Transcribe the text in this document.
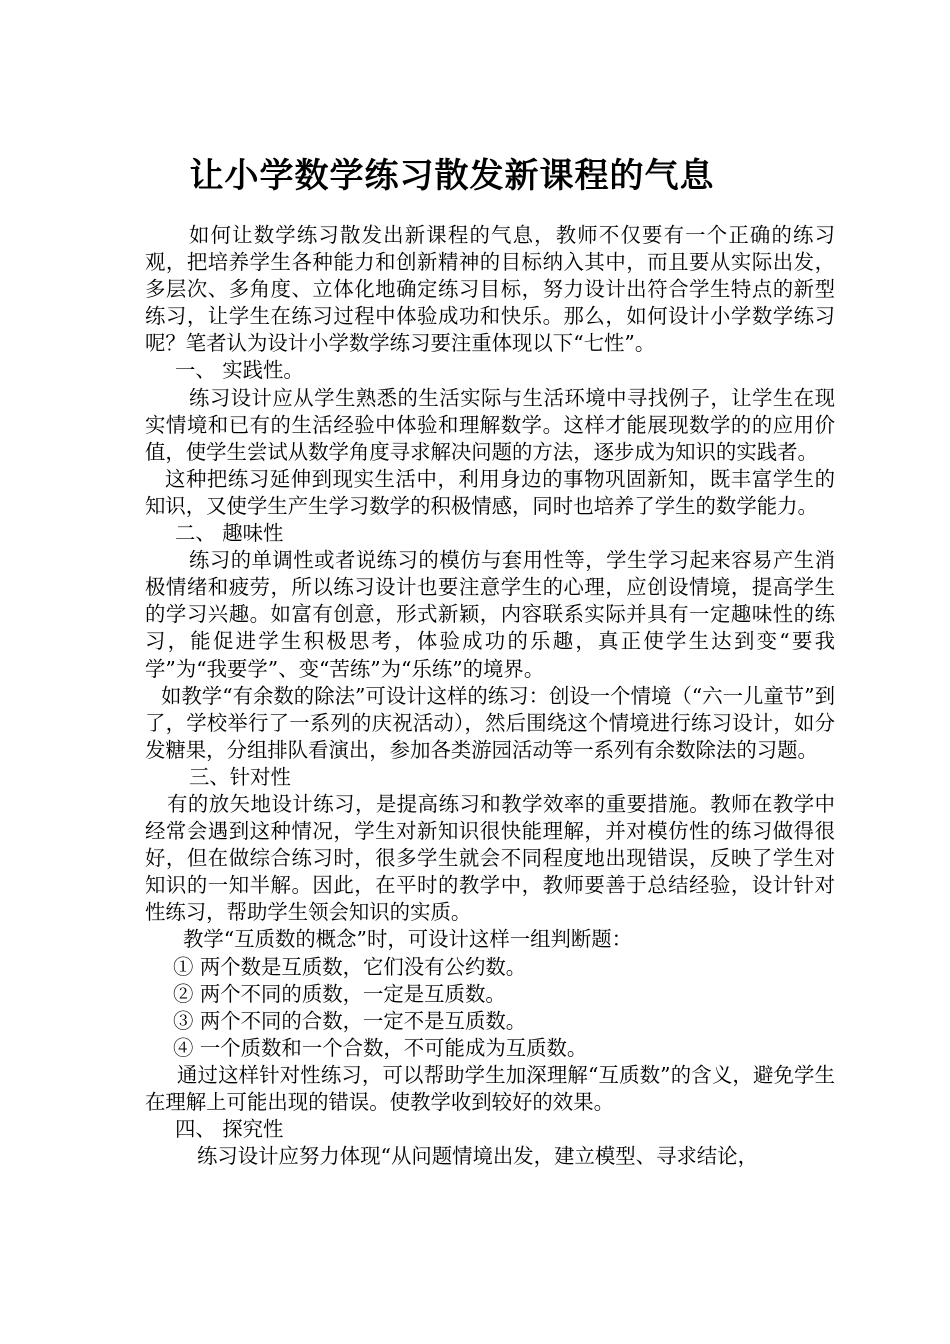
让小学数学练习散发新课程的气息

如何让数学练习散发出新课程的气息，教师不仅要有一个正确的练习观，把培养学生各种能力和创新精神的目标纳入其中，而且要从实际出发，多层次、多角度、立体化地确定练习目标，努力设计出符合学生特点的新型练习，让学生在练习过程中体验成功和快乐。那么，如何设计小学数学练习呢？笔者认为设计小学数学练习要注重体现以下“七性”。

一、 实践性。

练习设计应从学生熟悉的生活实际与生活环境中寻找例子，让学生在现实情境和已有的生活经验中体验和理解数学。这样才能展现数学的的应用价值，使学生尝试从数学角度寻求解决问题的方法，逐步成为知识的实践者。

这种把练习延伸到现实生活中，利用身边的事物巩固新知，既丰富学生的知识，又使学生产生学习数学的积极情感，同时也培养了学生的数学能力。

二、 趣味性

练习的单调性或者说练习的模仿与套用性等，学生学习起来容易产生消极情绪和疲劳，所以练习设计也要注意学生的心理，应创设情境，提高学生的学习兴趣。如富有创意，形式新颖，内容联系实际并具有一定趣味性的练习，能促进学生积极思考，体验成功的乐趣，真正使学生达到变“要我学”为“我要学”、变“苦练”为“乐练”的境界。

如教学“有余数的除法”可设计这样的练习：创设一个情境（“六一儿童节”到了，学校举行了一系列的庆祝活动），然后围绕这个情境进行练习设计，如分发糖果，分组排队看演出，参加各类游园活动等一系列有余数除法的习题。

三、针对性

有的放矢地设计练习，是提高练习和教学效率的重要措施。教师在教学中经常会遇到这种情况，学生对新知识很快能理解，并对模仿性的练习做得很好，但在做综合练习时，很多学生就会不同程度地出现错误，反映了学生对知识的一知半解。因此，在平时的教学中，教师要善于总结经验，设计针对性练习，帮助学生领会知识的实质。

教学“互质数的概念”时，可设计这样一组判断题：

① 两个数是互质数，它们没有公约数。

② 两个不同的质数，一定是互质数。

③ 两个不同的合数，一定不是互质数。

④ 一个质数和一个合数，不可能成为互质数。

通过这样针对性练习，可以帮助学生加深理解“互质数”的含义，避免学生在理解上可能出现的错误。使教学收到较好的效果。

四、 探究性

练习设计应努力体现“从问题情境出发，建立模型、寻求结论，
